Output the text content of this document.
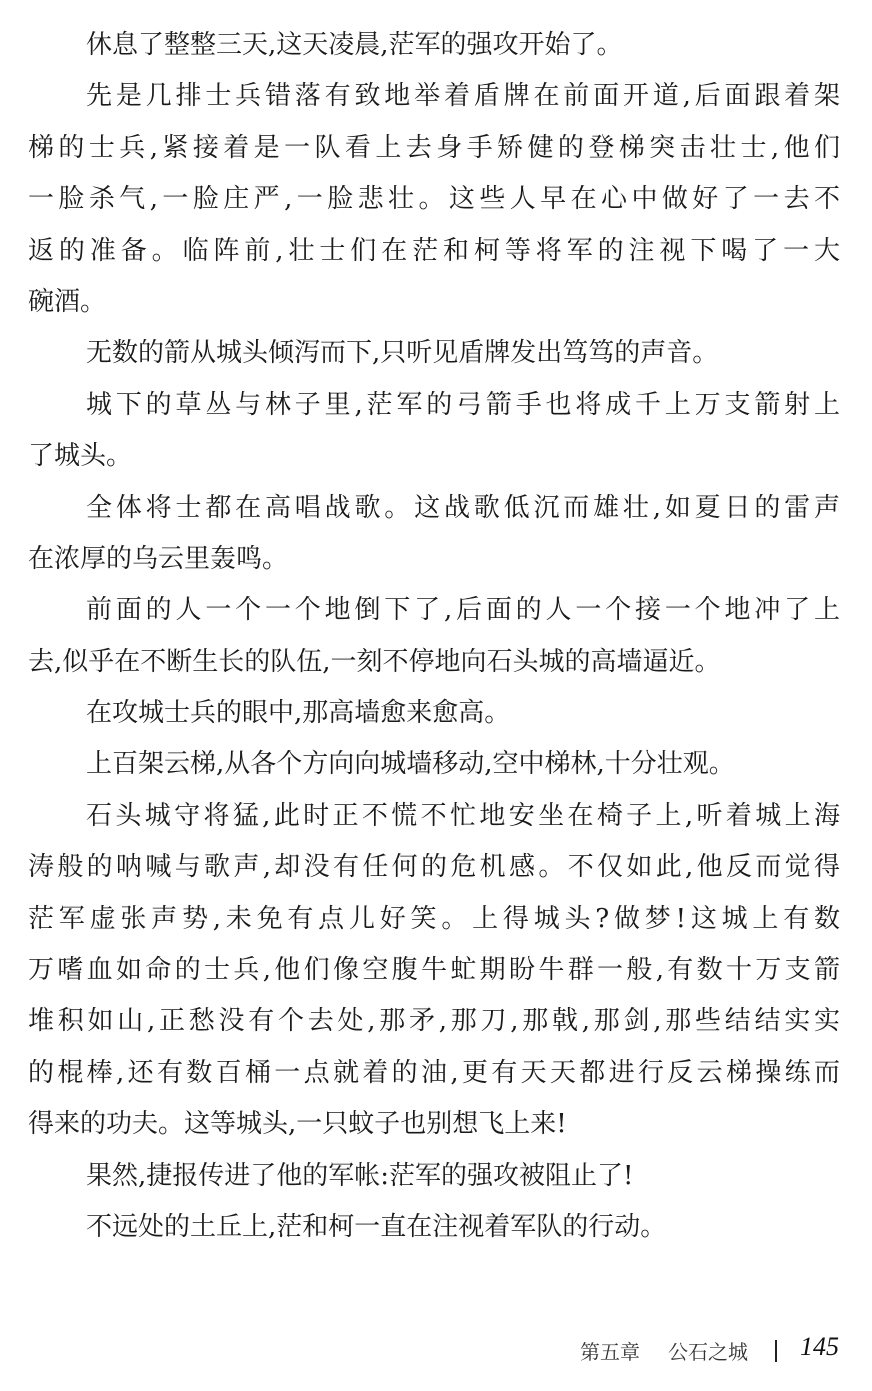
休息了整整三天,这天凌晨,茫军的强攻开始了。
先是几排士兵错落有致地举着盾牌在前面开道,后面跟着架
梯的士兵,紧接着是一队看上去身手矫健的登梯突击壮士,他们
一脸杀气,一脸庄严,一脸悲壮。这些人早在心中做好了一去不
返的准备。临阵前,壮士们在茫和柯等将军的注视下喝了一大
碗酒。
无数的箭从城头倾泻而下,只听见盾牌发出笃笃的声音。
城下的草丛与林子里,茫军的弓箭手也将成千上万支箭射上
了城头。
全体将士都在高唱战歌。这战歌低沉而雄壮,如夏日的雷声
在浓厚的乌云里轰鸣。
前面的人一个一个地倒下了,后面的人一个接一个地冲了上
去,似乎在不断生长的队伍,一刻不停地向石头城的高墙逼近。
在攻城士兵的眼中,那高墙愈来愈高。
上百架云梯,从各个方向向城墙移动,空中梯林,十分壮观。
石头城守将猛,此时正不慌不忙地安坐在椅子上,听着城上海
涛般的呐喊与歌声,却没有任何的危机感。不仅如此,他反而觉得
茫军虚张声势,未免有点儿好笑。上得城头?做梦!这城上有数
万嗜血如命的士兵,他们像空腹牛虻期盼牛群一般,有数十万支箭
堆积如山,正愁没有个去处,那矛,那刀,那戟,那剑,那些结结实实
的棍棒,还有数百桶一点就着的油,更有天天都进行反云梯操练而
得来的功夫。这等城头,一只蚊子也别想飞上来!
果然,捷报传进了他的军帐:茫军的强攻被阻止了!
不远处的土丘上,茫和柯一直在注视着军队的行动。
第五章 公石之城 145
